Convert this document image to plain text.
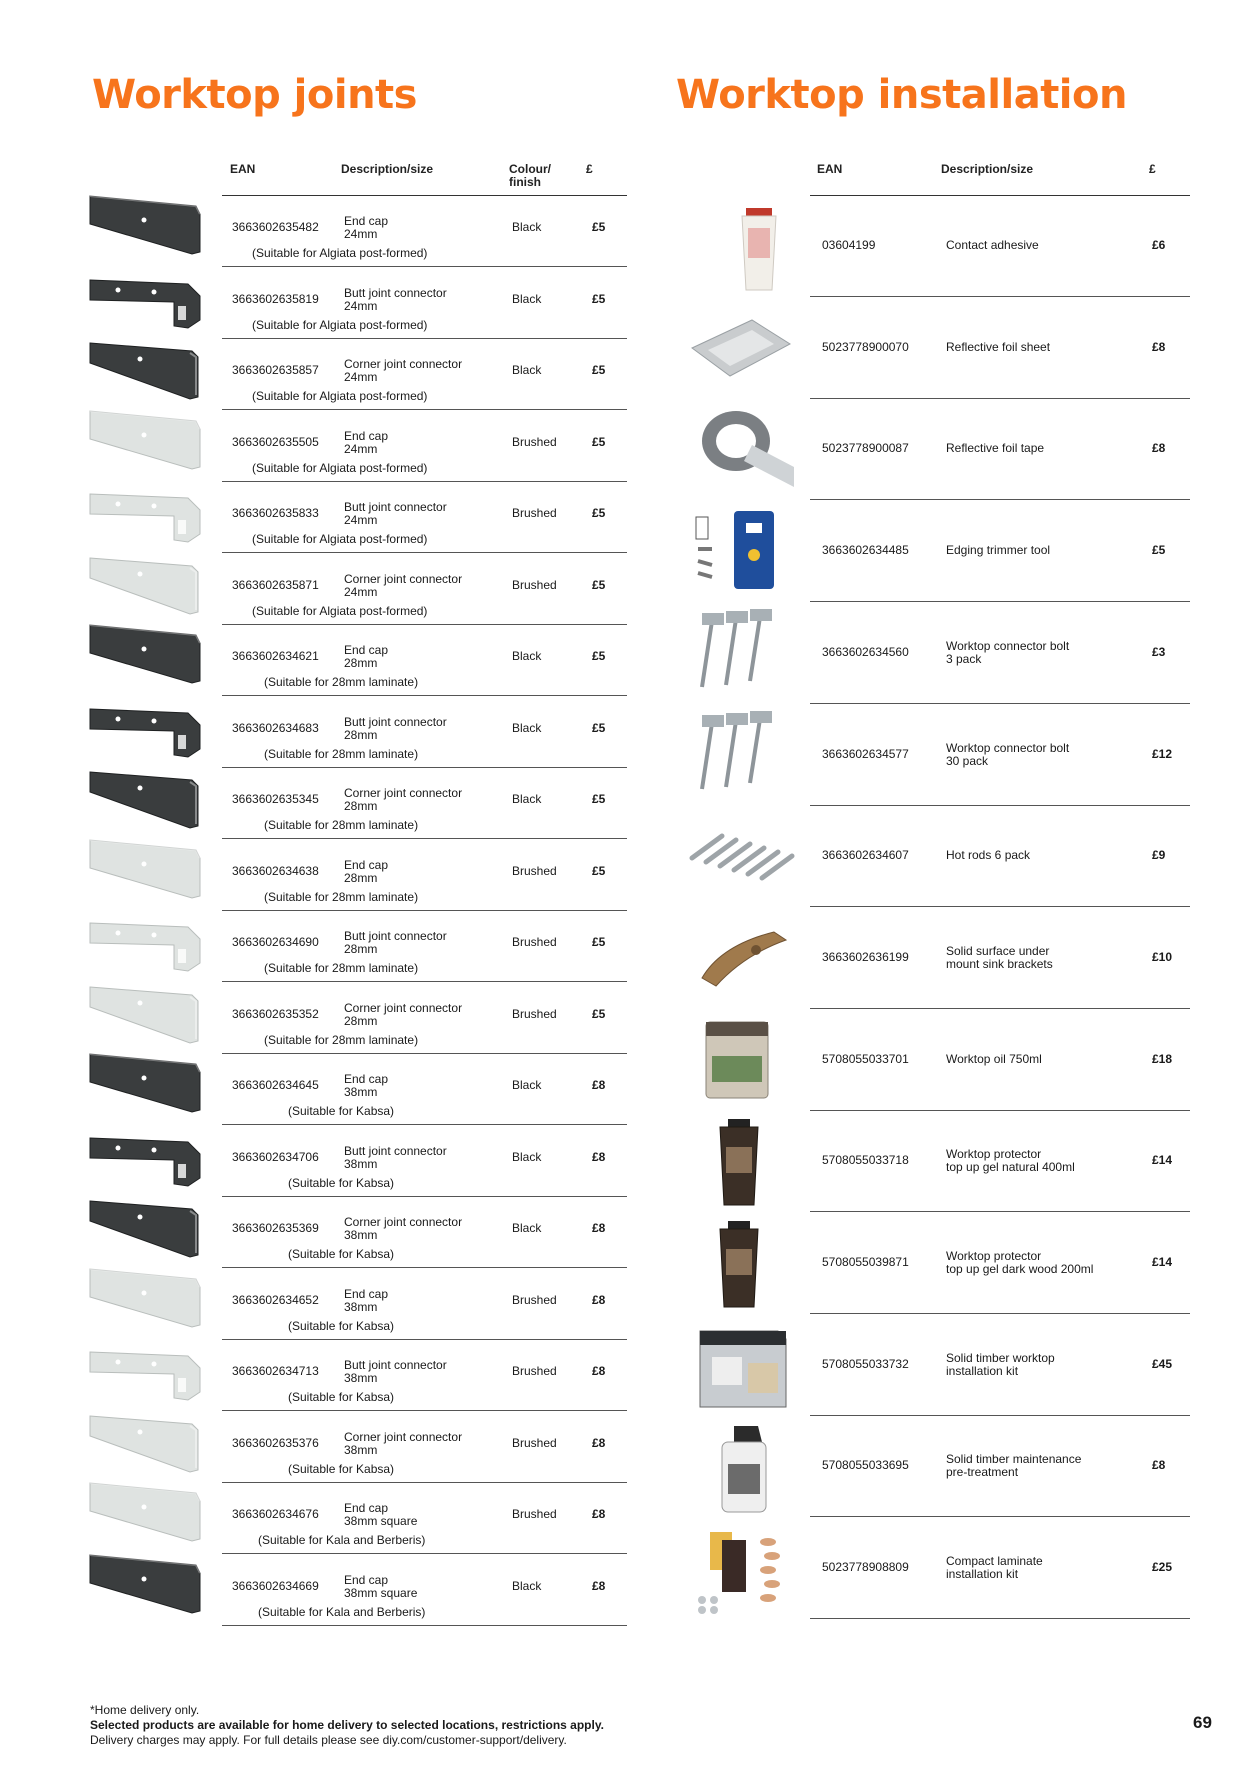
Worktop joints	Worktop installation
EAN	Description/size	Colour/
finish
£	EAN	Description/size	£
3663602635482 End cap
24mm	Black	£5
(Suitable for Algiata post-formed)
3663602635819 Butt joint connector
24mm	Black	£5
(Suitable for Algiata post-formed)
3663602635857 Corner joint connector
24mm	Black	£5
(Suitable for Algiata post-formed)
3663602635505 End cap
24mm	Brushed	£5
(Suitable for Algiata post-formed)
3663602635833 Butt joint connector
24mm	Brushed	£5
(Suitable for Algiata post-formed)
3663602635871 Corner joint connector
24mm	Brushed	£5
(Suitable for Algiata post-formed)
3663602634621 End cap
28mm	Black	£5
(Suitable for 28mm laminate)
3663602634683 Butt joint connector
28mm	Black	£5
(Suitable for 28mm laminate)
3663602635345 Corner joint connector
28mm	Black	£5
(Suitable for 28mm laminate)
3663602634638 End cap
28mm	Brushed	£5
(Suitable for 28mm laminate)
3663602634690 Butt joint connector
28mm	Brushed	£5
(Suitable for 28mm laminate)
3663602635352 Corner joint connector
28mm	Brushed	£5
(Suitable for 28mm laminate)
3663602634645 End cap
38mm	Black	£8
(Suitable for Kabsa)
3663602634706 Butt joint connector
38mm	Black	£8
(Suitable for Kabsa)
3663602635369 Corner joint connector
38mm	Black	£8
(Suitable for Kabsa)
3663602634652 End cap
38mm	Brushed	£8
(Suitable for Kabsa)
3663602634713 Butt joint connector
38mm	Brushed	£8
(Suitable for Kabsa)
3663602635376 Corner joint connector
38mm	Brushed	£8
(Suitable for Kabsa)
3663602634676 End cap
38mm square	Brushed	£8
(Suitable for Kala and Berberis)
3663602634669 End cap
38mm square	Black	£8
(Suitable for Kala and Berberis)
03604199	Contact adhesive	£6
5023778900070	Reflective foil sheet	£8
5023778900087	Reflective foil tape	£8
3663602634485	Edging trimmer tool	£5
3663602634560	Worktop connector bolt
3 pack	£3
3663602634577	Worktop connector bolt
30 pack	£12
3663602634607	Hot rods 6 pack	£9
3663602636199	Solid surface under
mount sink brackets	£10
5708055033701	Worktop oil 750ml	£18
5708055033718	Worktop protector
top up gel natural 400ml	£14
5708055039871	Worktop protector
top up gel dark wood 200ml	£14
5708055033732	Solid timber worktop
installation kit	£45
5708055033695	Solid timber maintenance
pre-treatment	£8
5023778908809	Compact laminate
installation kit	£25
*Home delivery only.
Selected products are available for home delivery to selected locations, restrictions apply.
Delivery charges may apply. For full details please see diy.com/customer-support/delivery.
69
